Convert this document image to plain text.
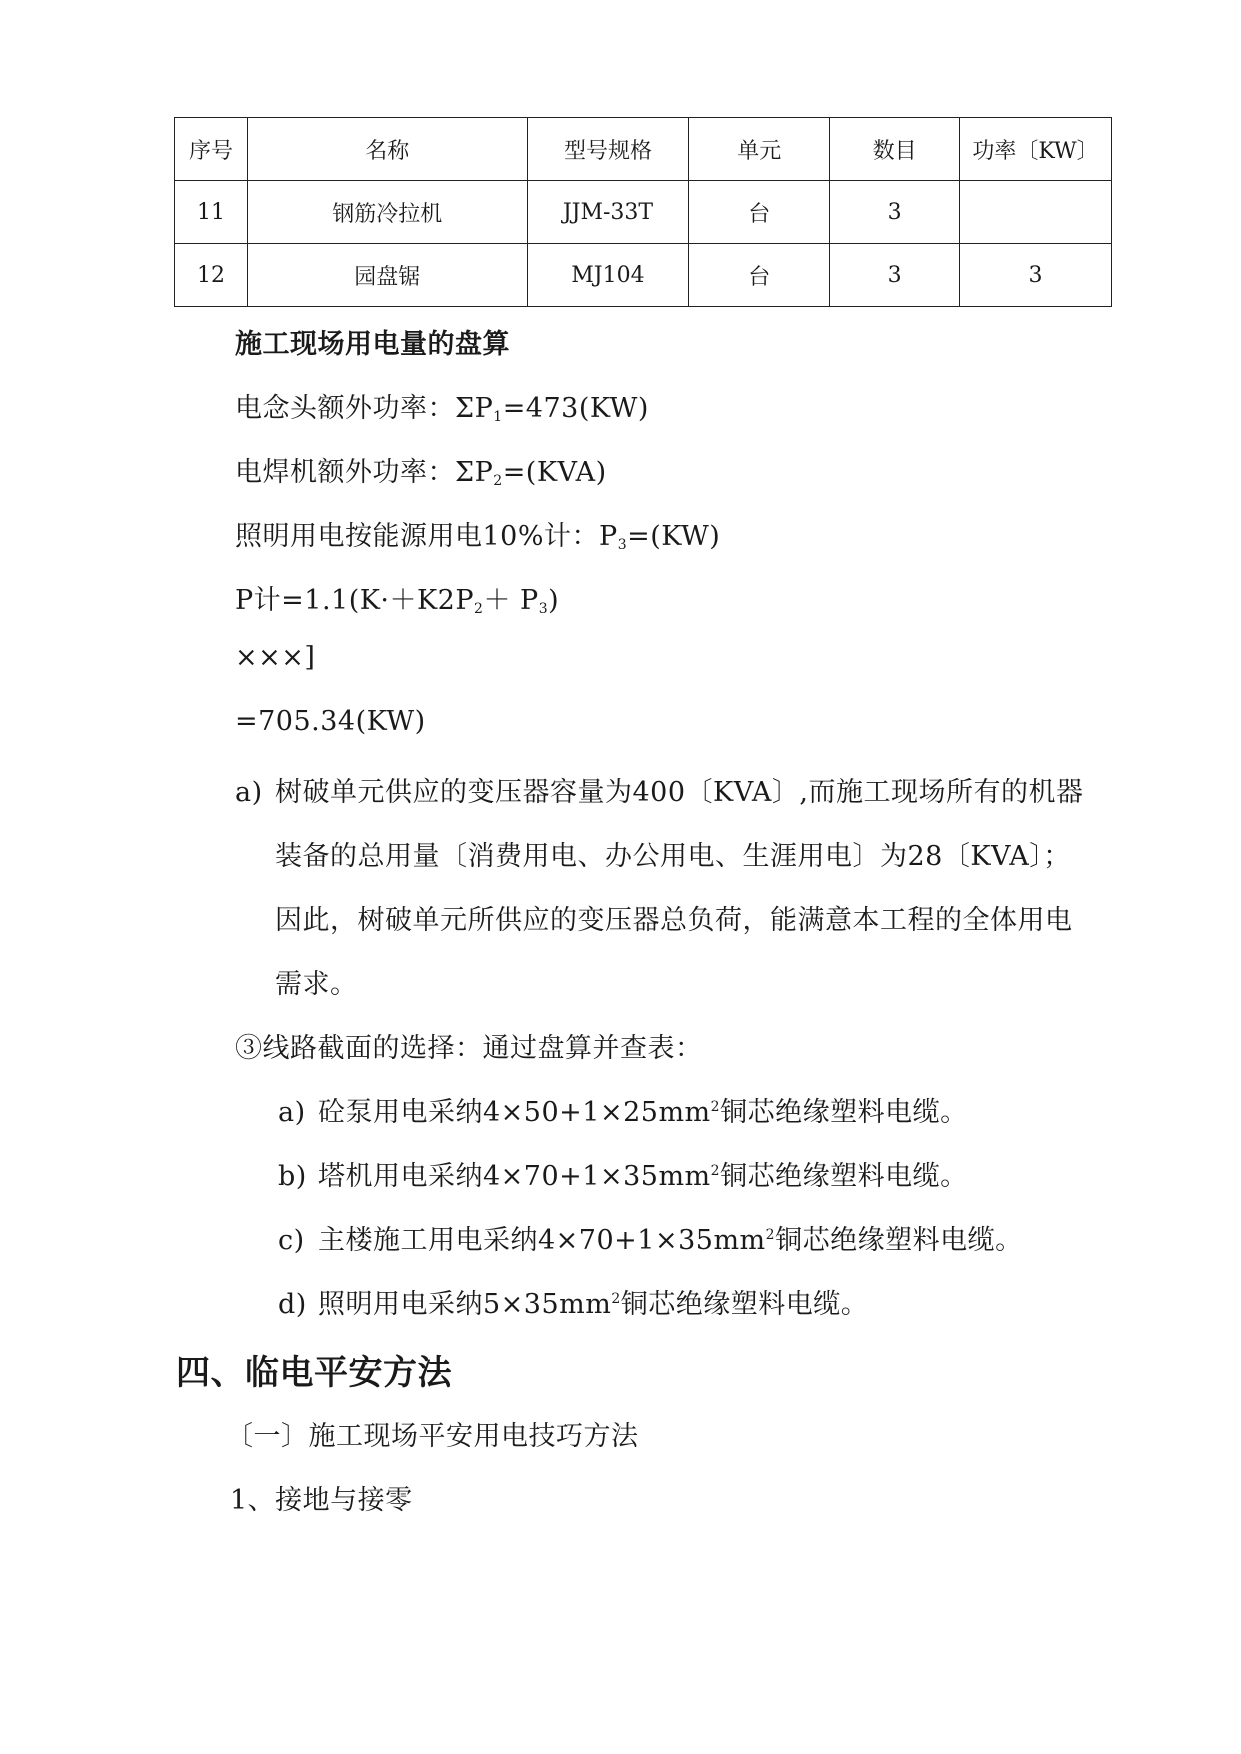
序号	名称	型号规格	单元	数目	功率〔KW〕
11	钢筋冷拉机	JJM-33T	台	3	
12	园盘锯	MJ104	台	3	3
施工现场用电量的盘算
电念头额外功率：$\Sigma P_1=473(KW)$
电焊机额外功率：$\Sigma P_2=(KVA)$
照明用电按能源用电10%计：$P_3=(KW)$
P计$=1.1(K\cdot+K2P_2+ P_3)$
×××]
=705.34(KW)
a) 树破单元供应的变压器容量为400〔KVA〕,而施工现场所有的机器
装备的总用量〔消费用电、办公用电、生涯用电〕为28〔KVA〕；
因此，树破单元所供应的变压器总负荷，能满意本工程的全体用电
需求。
③线路截面的选择：通过盘算并查表：
a) 砼泵用电采纳$4\times 50+1\times 25mm^2$铜芯绝缘塑料电缆。
b) 塔机用电采纳$4\times 70+1\times 35mm^2$铜芯绝缘塑料电缆。
c) 主楼施工用电采纳$4\times 70+1\times 35mm^2$铜芯绝缘塑料电缆。
d) 照明用电采纳$5\times 35mm^2$铜芯绝缘塑料电缆。
四、临电平安方法
〔一〕施工现场平安用电技巧方法
1、接地与接零
